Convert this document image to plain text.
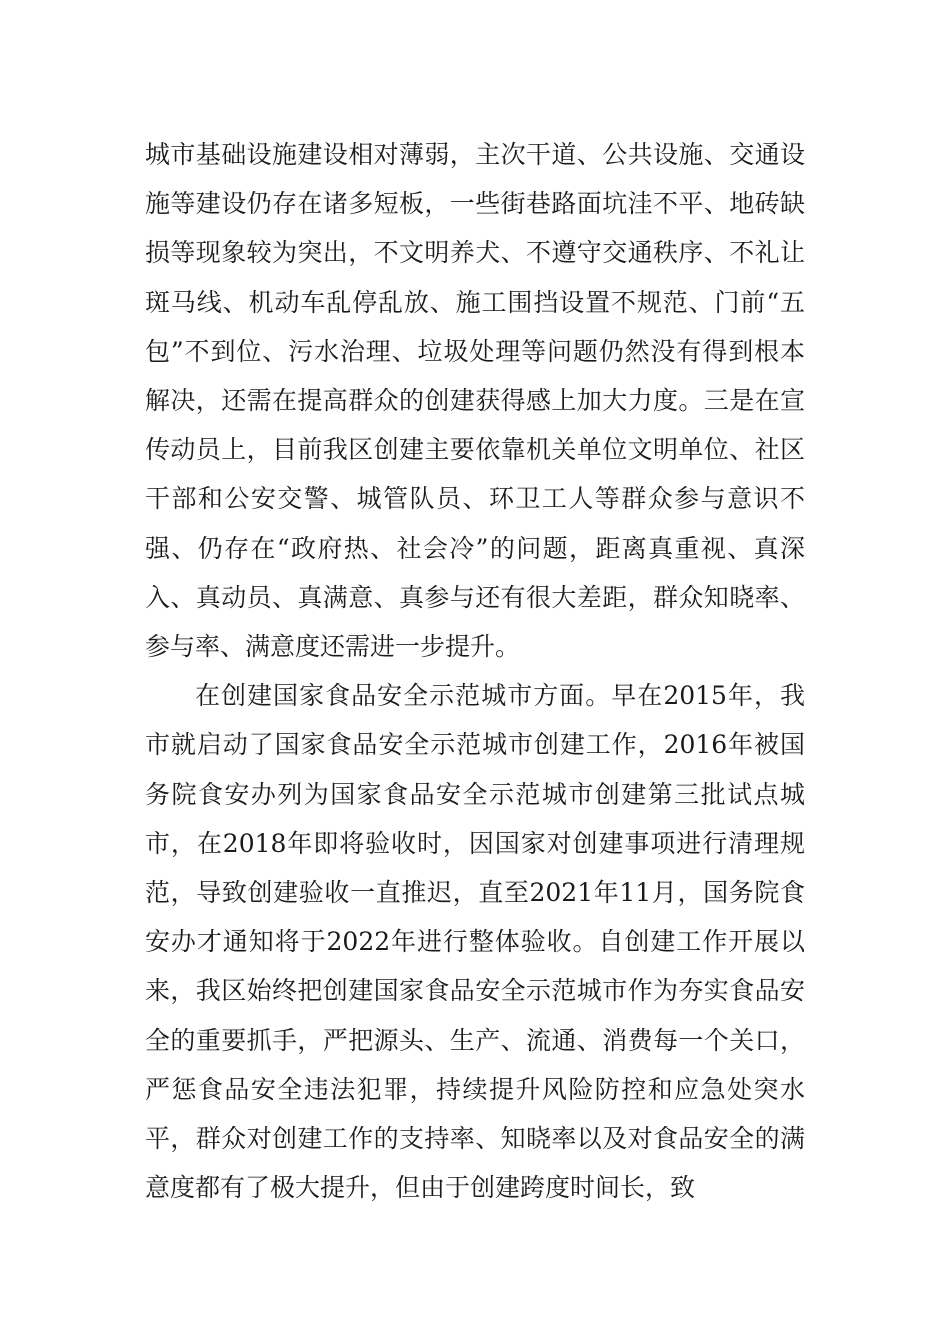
城市基础设施建设相对薄弱，主次干道、公共设施、交通设施等建设仍存在诸多短板，一些街巷路面坑洼不平、地砖缺损等现象较为突出，不文明养犬、不遵守交通秩序、不礼让斑马线、机动车乱停乱放、施工围挡设置不规范、门前“五包”不到位、污水治理、垃圾处理等问题仍然没有得到根本解决，还需在提高群众的创建获得感上加大力度。三是在宣传动员上，目前我区创建主要依靠机关单位文明单位、社区干部和公安交警、城管队员、环卫工人等群众参与意识不强、仍存在“政府热、社会冷”的问题，距离真重视、真深入、真动员、真满意、真参与还有很大差距，群众知晓率、参与率、满意度还需进一步提升。

在创建国家食品安全示范城市方面。早在2015年，我市就启动了国家食品安全示范城市创建工作，2016年被国务院食安办列为国家食品安全示范城市创建第三批试点城市，在2018年即将验收时，因国家对创建事项进行清理规范，导致创建验收一直推迟，直至2021年11月，国务院食安办才通知将于2022年进行整体验收。自创建工作开展以来，我区始终把创建国家食品安全示范城市作为夯实食品安全的重要抓手，严把源头、生产、流通、消费每一个关口，严惩食品安全违法犯罪，持续提升风险防控和应急处突水平，群众对创建工作的支持率、知晓率以及对食品安全的满意度都有了极大提升，但由于创建跨度时间长，致
